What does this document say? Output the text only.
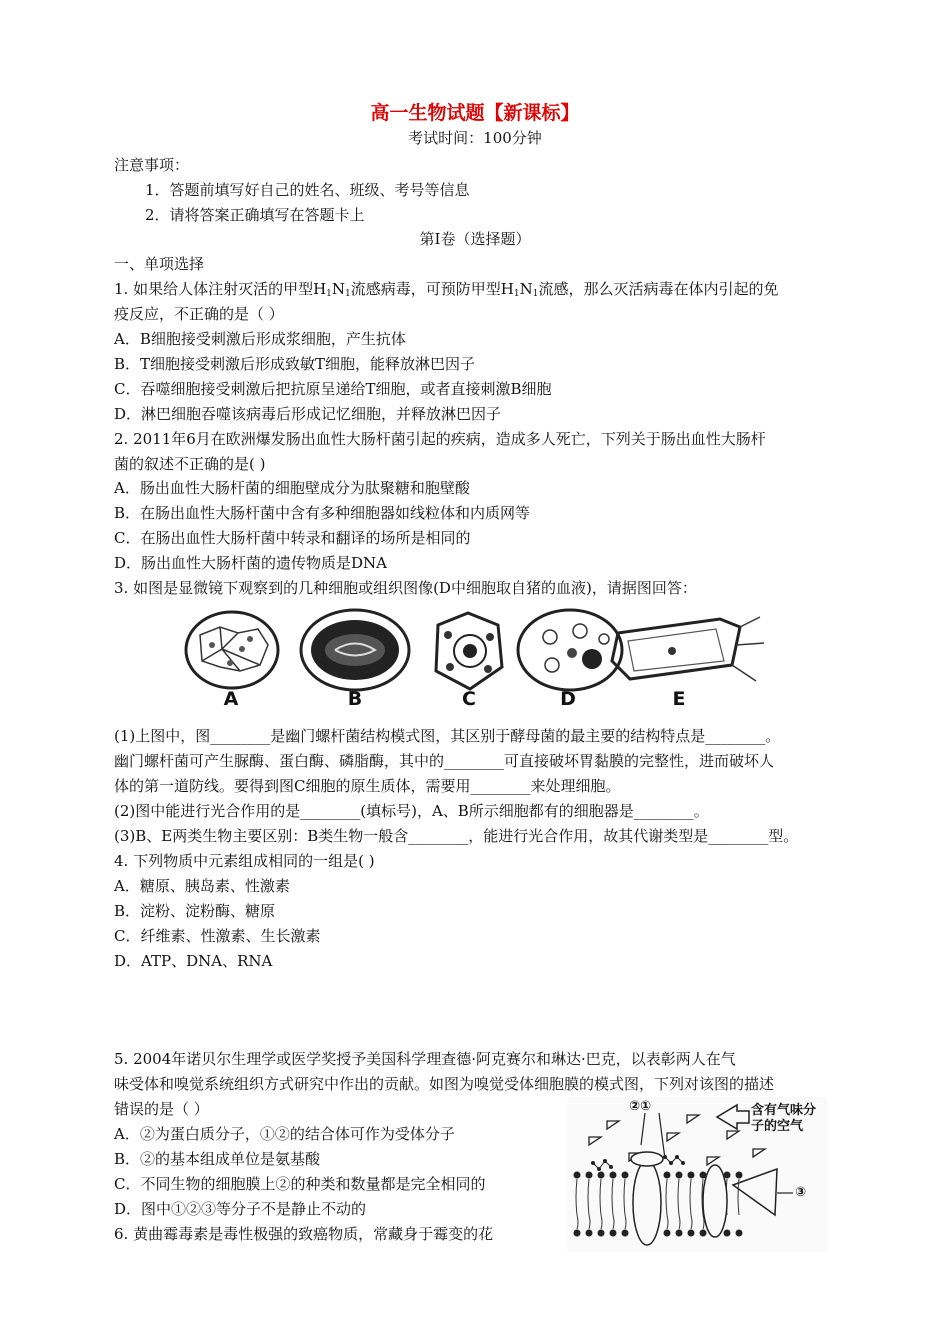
高一生物试题【新课标】
考试时间：100分钟
注意事项：
1．答题前填写好自己的姓名、班级、考号等信息
2．请将答案正确填写在答题卡上
第I卷（选择题）
一、单项选择
1. 如果给人体注射灭活的甲型$H_1N_1$流感病毒，可预防甲型$H_1N_1$流感，那么灭活病毒在体内引起的免
疫反应，不正确的是（ ）
A．B细胞接受刺激后形成浆细胞，产生抗体
B．T细胞接受刺激后形成致敏T细胞，能释放淋巴因子
C．吞噬细胞接受刺激后把抗原呈递给T细胞，或者直接刺激B细胞
D．淋巴细胞吞噬该病毒后形成记忆细胞，并释放淋巴因子
2. 2011年6月在欧洲爆发肠出血性大肠杆菌引起的疾病，造成多人死亡，下列关于肠出血性大肠杆
菌的叙述不正确的是( )
A．肠出血性大肠杆菌的细胞壁成分为肽聚糖和胞壁酸
B．在肠出血性大肠杆菌中含有多种细胞器如线粒体和内质网等
C．在肠出血性大肠杆菌中转录和翻译的场所是相同的
D．肠出血性大肠杆菌的遗传物质是DNA
3. 如图是显微镜下观察到的几种细胞或组织图像(D中细胞取自猪的血液)，请据图回答：
A	B	C	D	E
(1)上图中，图________是幽门螺杆菌结构模式图，其区别于酵母菌的最主要的结构特点是________。
幽门螺杆菌可产生脲酶、蛋白酶、磷脂酶，其中的________可直接破坏胃黏膜的完整性，进而破坏人
体的第一道防线。要得到图C细胞的原生质体，需要用________来处理细胞。
(2)图中能进行光合作用的是________(填标号)，A、B所示细胞都有的细胞器是________。
(3)B、E两类生物主要区别：B类生物一般含________，能进行光合作用，故其代谢类型是________型。
4. 下列物质中元素组成相同的一组是( )
A．糖原、胰岛素、性激素
B．淀粉、淀粉酶、糖原
C．纤维素、性激素、生长激素
D．ATP、DNA、RNA
5. 2004年诺贝尔生理学或医学奖授予美国科学理查德·阿克赛尔和琳达·巴克，以表彰两人在气
味受体和嗅觉系统组织方式研究中作出的贡献。如图为嗅觉受体细胞膜的模式图，下列对该图的描述
错误的是（ ）
A．②为蛋白质分子，①②的结合体可作为受体分子
B．②的基本组成单位是氨基酸
C．不同生物的细胞膜上②的种类和数量都是完全相同的
D．图中①②③等分子不是静止不动的
6. 黄曲霉毒素是毒性极强的致癌物质，常藏身于霉变的花
②①	含有气味分
子的空气
③
